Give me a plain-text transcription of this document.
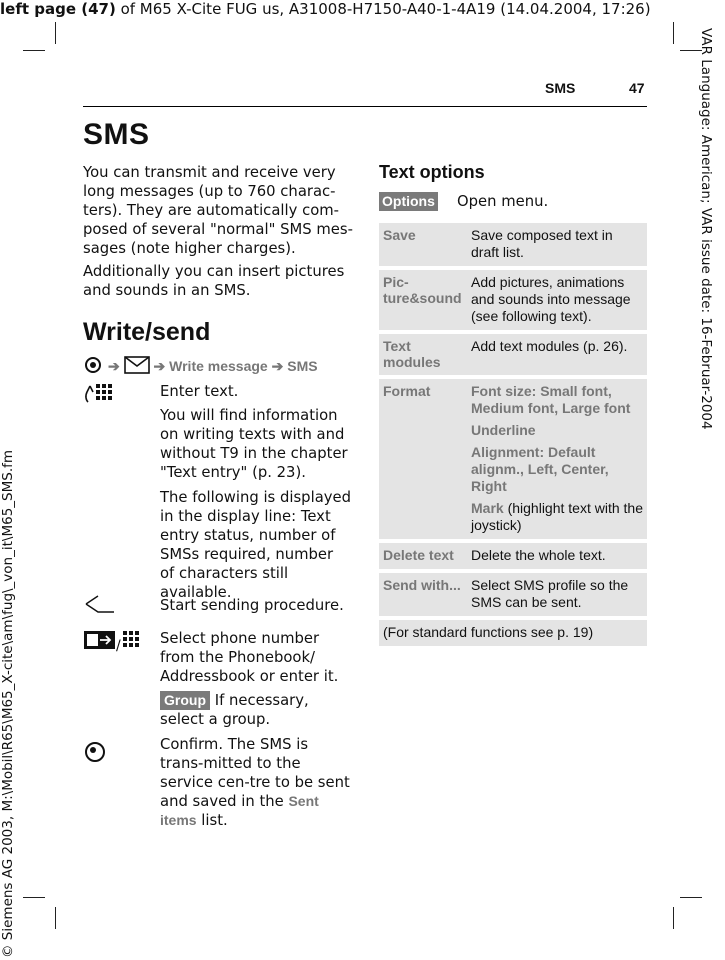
left page (47) of M65 X-Cite FUG us, A31008-H7150-A40-1-4A19 (14.04.2004, 17:26)
VAR Language: American; VAR issue date: 16-Februar-2004
© Siemens AG 2003, M:\Mobil\R65\M65_X-cite\am\fug\_von_it\M65_SMS.fm
SMS	47
SMS
You can transmit and receive very long messages (up to 760 charac-ters). They are automatically com-posed of several "normal" SMS mes-sages (note higher charges).
Additionally you can insert pictures and sounds in an SMS.
Write/send
➔ ➔ Write message ➔ SMS
Enter text.
You will find information on writing texts with and without T9 in the chapter "Text entry" (p. 23).
The following is displayed in the display line: Text entry status, number of SMSs required, number of characters still available.
Start sending procedure.
/	Select phone number from the Phonebook/ Addressbook or enter it.
Group If necessary, select a group.
Confirm. The SMS is trans-mitted to the service cen-tre to be sent and saved in the Sent items list.
Text options
Options Open menu.
Save	Save composed text in draft list.
Pic-ture&sound	Add pictures, animations and sounds into message (see following text).
Text modules	Add text modules (p. 26).
Format	Font size: Small font, Medium font, Large font

Underline

Alignment: Default alignm., Left, Center, Right

Mark (highlight text with the joystick)

Delete text	Delete the whole text.
Send with...	Select SMS profile so the SMS can be sent.
(For standard functions see p. 19)	
